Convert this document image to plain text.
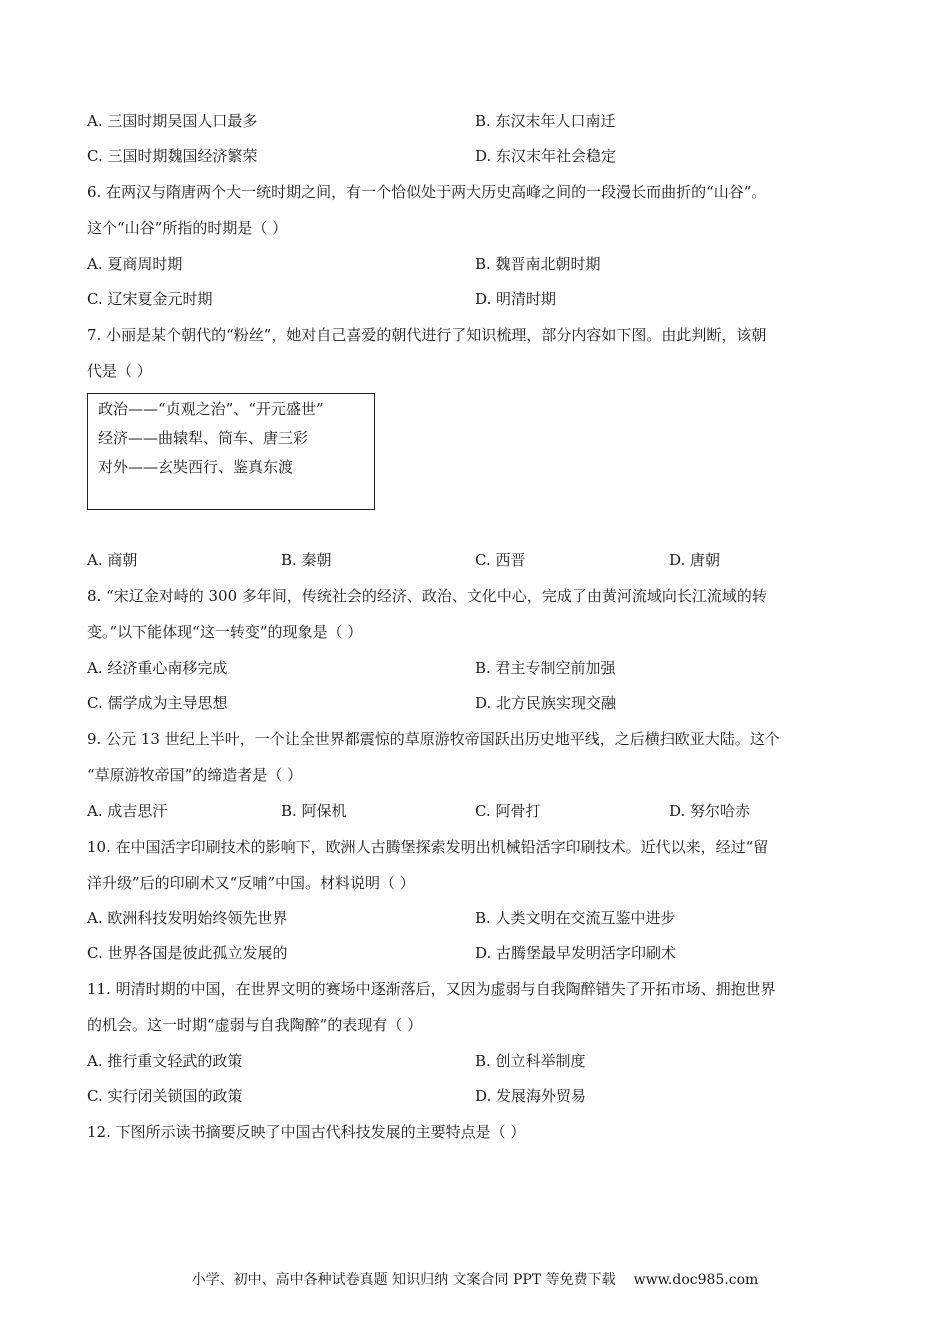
A. 三国时期吴国人口最多	B. 东汉末年人口南迁
C. 三国时期魏国经济繁荣	D. 东汉末年社会稳定
6. 在两汉与隋唐两个大一统时期之间，有一个恰似处于两大历史高峰之间的一段漫长而曲折的“山谷”。
这个“山谷”所指的时期是（ ）
A. 夏商周时期	B. 魏晋南北朝时期
C. 辽宋夏金元时期	D. 明清时期
7. 小丽是某个朝代的“粉丝”，她对自己喜爱的朝代进行了知识梳理，部分内容如下图。由此判断，该朝
代是（ ）
政治——“贞观之治”、“开元盛世”
经济——曲辕犁、筒车、唐三彩
对外——玄奘西行、鉴真东渡
A. 商朝	B. 秦朝	C. 西晋	D. 唐朝
8. “宋辽金对峙的 300 多年间，传统社会的经济、政治、文化中心，完成了由黄河流域向长江流域的转
变。”以下能体现“这一转变”的现象是（ ）
A. 经济重心南移完成	B. 君主专制空前加强
C. 儒学成为主导思想	D. 北方民族实现交融
9. 公元 13 世纪上半叶，一个让全世界都震惊的草原游牧帝国跃出历史地平线，之后横扫欧亚大陆。这个
“草原游牧帝国”的缔造者是（ ）
A. 成吉思汗	B. 阿保机	C. 阿骨打	D. 努尔哈赤
10. 在中国活字印刷技术的影响下，欧洲人古腾堡探索发明出机械铅活字印刷技术。近代以来，经过“留
洋升级”后的印刷术又“反哺”中国。材料说明（ ）
A. 欧洲科技发明始终领先世界	B. 人类文明在交流互鉴中进步
C. 世界各国是彼此孤立发展的	D. 古腾堡最早发明活字印刷术
11. 明清时期的中国，在世界文明的赛场中逐渐落后，又因为虚弱与自我陶醉错失了开拓市场、拥抱世界
的机会。这一时期“虚弱与自我陶醉”的表现有（ ）
A. 推行重文轻武的政策	B. 创立科举制度
C. 实行闭关锁国的政策	D. 发展海外贸易
12. 下图所示读书摘要反映了中国古代科技发展的主要特点是（ ）
小学、初中、高中各种试卷真题 知识归纳 文案合同 PPT 等免费下载 www.doc985.com
